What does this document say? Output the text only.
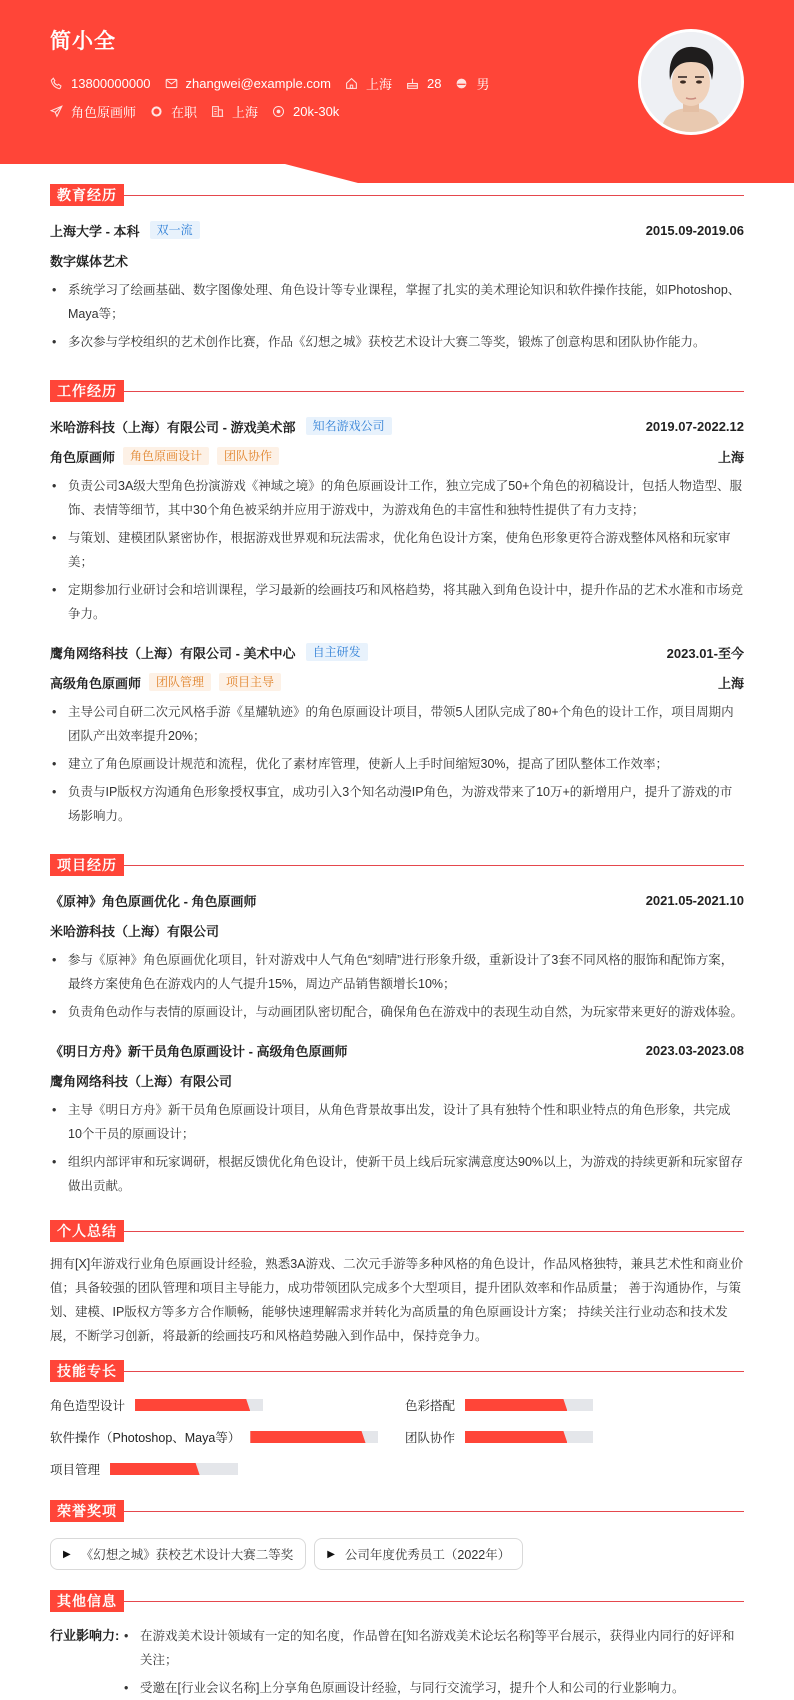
简小全
13800000000	zhangwei@example.com	上海	28	男
角色原画师	在职	上海	20k-30k
教育经历
上海大学 - 本科	双一流	2015.09-2019.06
数字媒体艺术
• 系统学习了绘画基础、数字图像处理、角色设计等专业课程，掌握了扎实的美术理论知识和软件操作技能，如Photoshop、Maya等；
• 多次参与学校组织的艺术创作比赛，作品《幻想之城》获校艺术设计大赛二等奖，锻炼了创意构思和团队协作能力。
工作经历
米哈游科技（上海）有限公司 - 游戏美术部	知名游戏公司	2019.07-2022.12
角色原画师	角色原画设计	团队协作	上海
• 负责公司3A级大型角色扮演游戏《神域之境》的角色原画设计工作，独立完成了50+个角色的初稿设计，包括人物造型、服饰、表情等细节，其中30个角色被采纳并应用于游戏中，为游戏角色的丰富性和独特性提供了有力支持；
• 与策划、建模团队紧密协作，根据游戏世界观和玩法需求，优化角色设计方案，使角色形象更符合游戏整体风格和玩家审美；
• 定期参加行业研讨会和培训课程，学习最新的绘画技巧和风格趋势，将其融入到角色设计中，提升作品的艺术水准和市场竞争力。
鹰角网络科技（上海）有限公司 - 美术中心	自主研发	2023.01-至今
高级角色原画师	团队管理	项目主导	上海
• 主导公司自研二次元风格手游《星耀轨迹》的角色原画设计项目，带领5人团队完成了80+个角色的设计工作，项目周期内团队产出效率提升20%；
• 建立了角色原画设计规范和流程，优化了素材库管理，使新人上手时间缩短30%，提高了团队整体工作效率；
• 负责与IP版权方沟通角色形象授权事宜，成功引入3个知名动漫IP角色，为游戏带来了10万+的新增用户，提升了游戏的市场影响力。
项目经历
《原神》角色原画优化 - 角色原画师	2021.05-2021.10
米哈游科技（上海）有限公司
• 参与《原神》角色原画优化项目，针对游戏中人气角色“刻晴”进行形象升级，重新设计了3套不同风格的服饰和配饰方案，最终方案使角色在游戏内的人气提升15%，周边产品销售额增长10%；
• 负责角色动作与表情的原画设计，与动画团队密切配合，确保角色在游戏中的表现生动自然，为玩家带来更好的游戏体验。
《明日方舟》新干员角色原画设计 - 高级角色原画师	2023.03-2023.08
鹰角网络科技（上海）有限公司
• 主导《明日方舟》新干员角色原画设计项目，从角色背景故事出发，设计了具有独特个性和职业特点的角色形象，共完成10个干员的原画设计；
• 组织内部评审和玩家调研，根据反馈优化角色设计，使新干员上线后玩家满意度达90%以上，为游戏的持续更新和玩家留存做出贡献。
个人总结

拥有[X]年游戏行业角色原画设计经验，熟悉3A游戏、二次元手游等多种风格的角色设计，作品风格独特，兼具艺术性和商业价值；具备较强的团队管理和项目主导能力，成功带领团队完成多个大型项目，提升团队效率和作品质量； 善于沟通协作，与策划、建模、IP版权方等多方合作顺畅，能够快速理解需求并转化为高质量的角色原画设计方案； 持续关注行业动态和技术发展，不断学习创新，将最新的绘画技巧和风格趋势融入到作品中，保持竞争力。

技能专长
角色造型设计	色彩搭配
软件操作（Photoshop、Maya等）	团队协作
项目管理
荣誉奖项
▶ 《幻想之城》获校艺术设计大赛二等奖	▶ 公司年度优秀员工（2022年）
其他信息
行业影响力:	• 在游戏美术设计领域有一定的知名度，作品曾在[知名游戏美术论坛名称]等平台展示，获得业内同行的好评和关注；
• 受邀在[行业会议名称]上分享角色原画设计经验，与同行交流学习，提升个人和公司的行业影响力。
